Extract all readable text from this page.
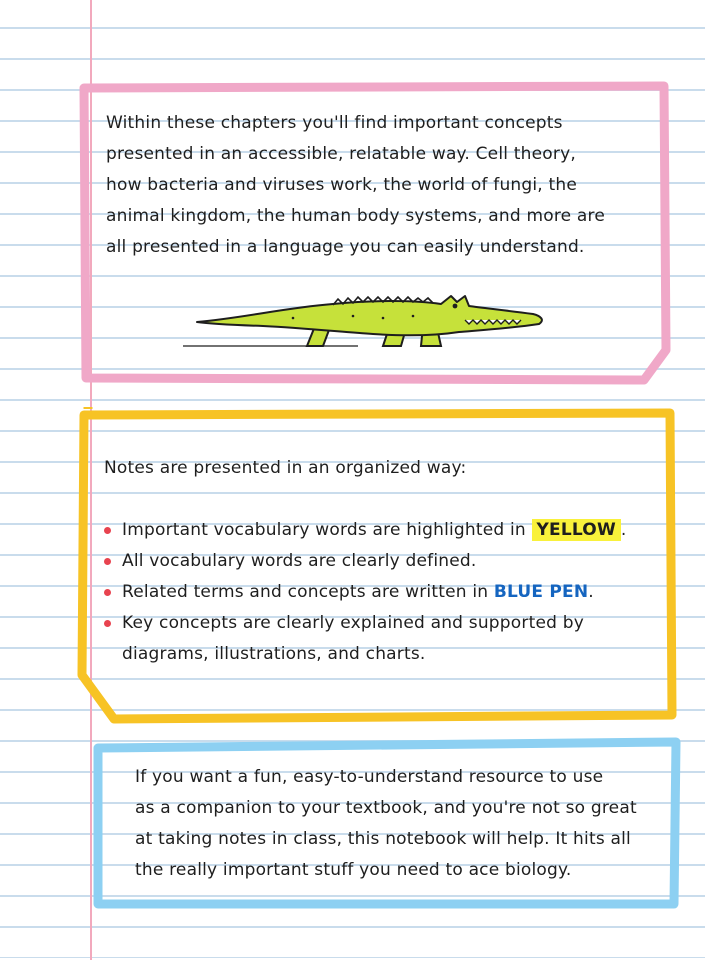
Within these chapters you'll find important concepts
presented in an accessible, relatable way. Cell theory,
how bacteria and viruses work, the world of fungi, the
animal kingdom, the human body systems, and more are
all presented in a language you can easily understand.
Notes are presented in an organized way:
Important vocabulary words are highlighted in YELLOW .
All vocabulary words are clearly defined.
Related terms and concepts are written in BLUE PEN.
Key concepts are clearly explained and supported by
diagrams, illustrations, and charts.
If you want a fun, easy-to-understand resource to use
as a companion to your textbook, and you're not so great
at taking notes in class, this notebook will help. It hits all
the really important stuff you need to ace biology.
